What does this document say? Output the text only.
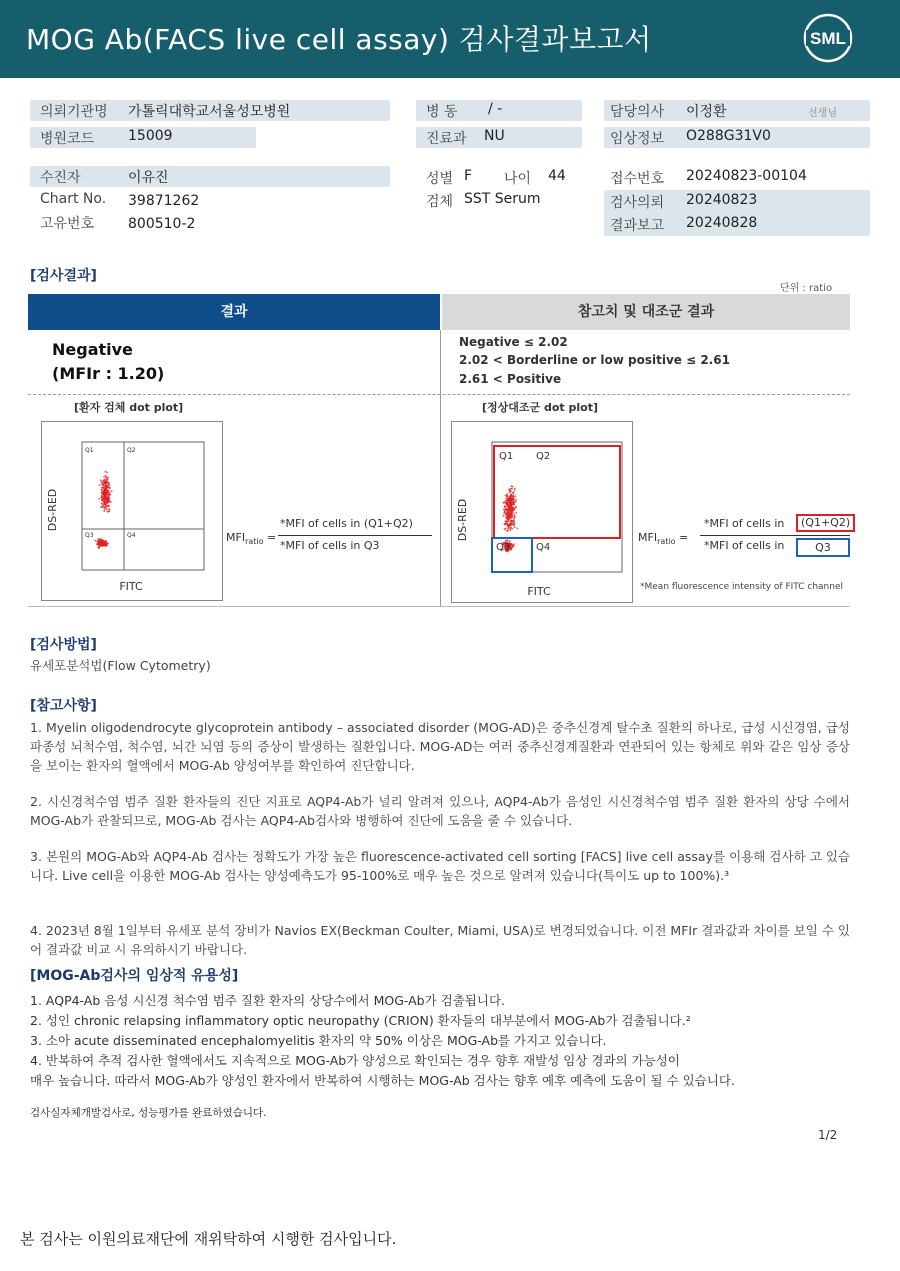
MOG Ab(FACS live cell assay) 검사결과보고서	SML
의뢰기관명 가톨릭대학교서울성모병원
병원코드 15009
병 동 / -
진료과 NU
담당의사 이정환	선생님
임상정보 O288G31V0
수진자	이유진
Chart No. 39871262
고유번호 800510-2
성별 F 나이 44
검체 SST Serum
접수번호 20240823-00104
검사의뢰 20240823
결과보고 20240828
[검사결과]
단위 : ratio
결과	참고치 및 대조군 결과
Negative
(MFIr : 1.20)
Negative ≤ 2.02
2.02 < Borderline or low positive ≤ 2.61
2.61 < Positive
[환자 검체 dot plot]	[정상대조군 dot plot]
Q1	Q2
Q3	Q4
FITC
DS-RED
$MFI_{ratio}$ =
*MFI of cells in (Q1+Q2)
*MFI of cells in Q3
Q1 Q2
Q3	Q4
FITC
DS-RED	$MFI_{ratio}$ =
*MFI of cells in	(Q1+Q2)
*MFI of cells in	Q3
*Mean fluorescence intensity of FITC channel
[검사방법]
유세포분석법(Flow Cytometry)
[참고사항]
1. Myelin oligodendrocyte glycoprotein antibody – associated disorder (MOG-AD)은 중추신경계 탈수초 질환의 하나로, 급성 시신경염, 급성파종성 뇌척수염, 척수염, 뇌간 뇌염 등의 증상이 발생하는 질환입니다. MOG-AD는 여러 중추신경계질환과 연관되어 있는 항체로 위와 같은 임상 증상을 보이는 환자의 혈액에서 MOG-Ab 양성여부를 확인하여 진단합니다.
2. 시신경척수염 범주 질환 환자들의 진단 지표로 AQP4-Ab가 널리 알려져 있으나, AQP4-Ab가 음성인 시신경척수염 범주 질환 환자의 상당 수에서 MOG-Ab가 관찰되므로, MOG-Ab 검사는 AQP4-Ab검사와 병행하여 진단에 도움을 줄 수 있습니다.
3. 본원의 MOG-Ab와 AQP4-Ab 검사는 정확도가 가장 높은 fluorescence-activated cell sorting [FACS] live cell assay를 이용해 검사하 고 있습니다. Live cell을 이용한 MOG-Ab 검사는 양성예측도가 95-100%로 매우 높은 것으로 알려져 있습니다(특이도 up to 100%).³
4. 2023년 8월 1일부터 유세포 분석 장비가 Navios EX(Beckman Coulter, Miami, USA)로 변경되었습니다. 이전 MFIr 결과값과 차이를 보일 수 있어 결과값 비교 시 유의하시기 바랍니다.
[MOG-Ab검사의 임상적 유용성]
1. AQP4-Ab 음성 시신경 척수염 범주 질환 환자의 상당수에서 MOG-Ab가 검출됩니다.
2. 성인 chronic relapsing inflammatory optic neuropathy (CRION) 환자들의 대부분에서 MOG-Ab가 검출됩니다.²
3. 소아 acute disseminated encephalomyelitis 환자의 약 50% 이상은 MOG-Ab를 가지고 있습니다.
4. 반복하여 추적 검사한 혈액에서도 지속적으로 MOG-Ab가 양성으로 확인되는 경우 향후 재발성 임상 경과의 가능성이
매우 높습니다. 따라서 MOG-Ab가 양성인 환자에서 반복하여 시행하는 MOG-Ab 검사는 향후 예후 예측에 도움이 될 수 있습니다.
검사실자체개발검사로, 성능평가를 완료하였습니다.
1/2
본 검사는 이원의료재단에 재위탁하여 시행한 검사입니다.
